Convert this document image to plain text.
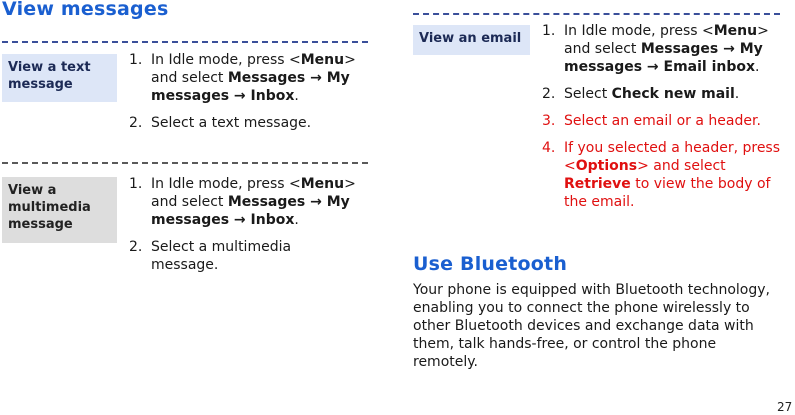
View messages
View a text message
1. In Idle mode, press <Menu> and select Messages → My messages → Inbox.
2. Select a text message.
View a multimedia message
1. In Idle mode, press <Menu> and select Messages → My messages → Inbox.
2. Select a multimedia message.
View an email	1. In Idle mode, press <Menu> and select Messages → My messages → Email inbox.
2. Select Check new mail.
3. Select an email or a header.
4. If you selected a header, press <Options> and select Retrieve to view the body of the email.
Use Bluetooth

Your phone is equipped with Bluetooth technology, enabling you to connect the phone wirelessly to other Bluetooth devices and exchange data with them, talk hands-free, or control the phone remotely.

27
